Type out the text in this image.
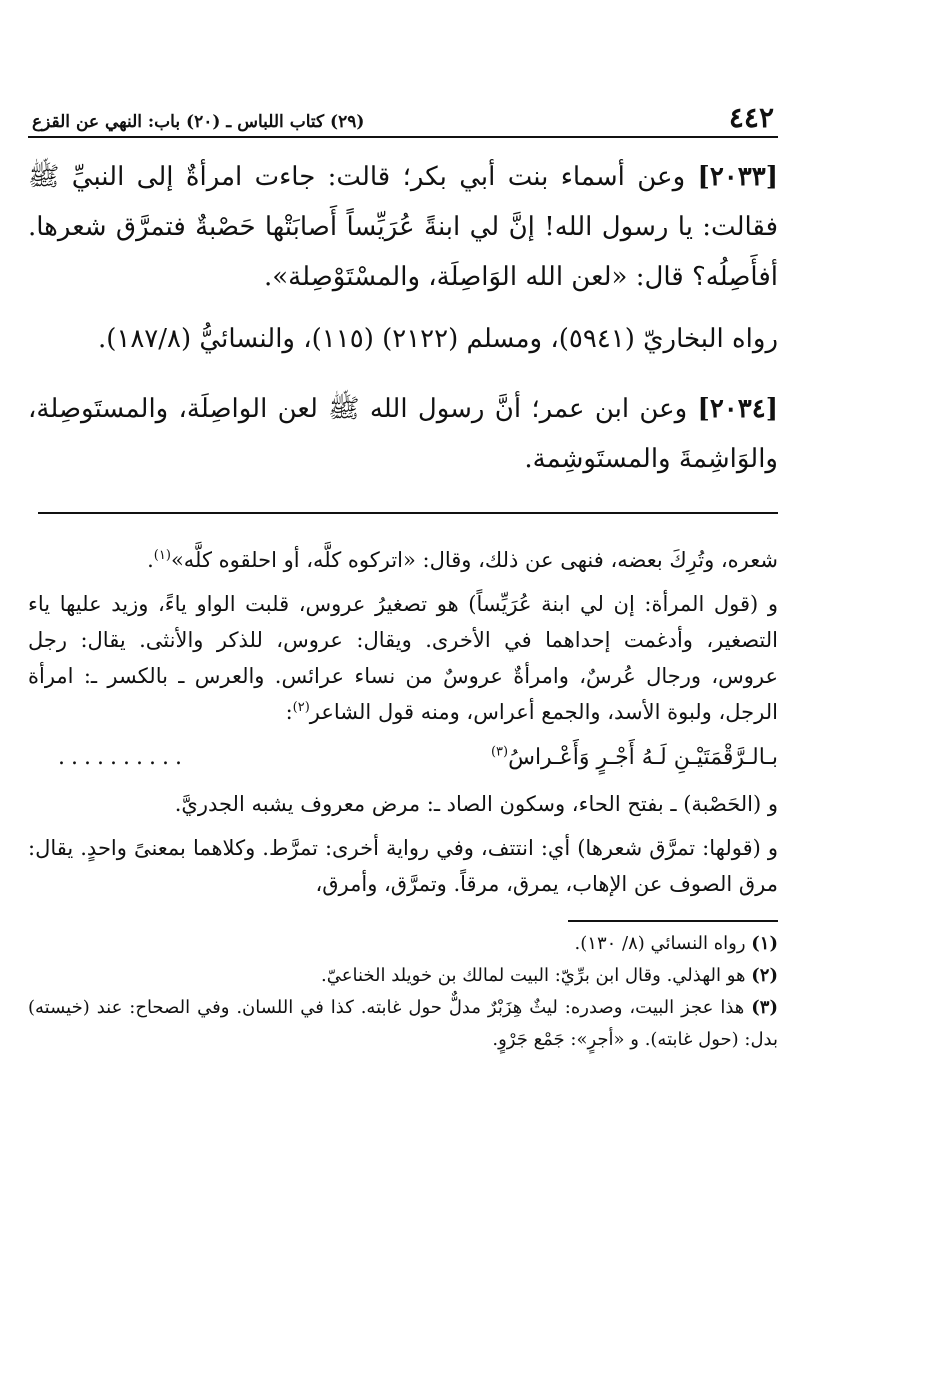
٤٤٢
(٢٩) كتاب اللباس ـ (٢٠) باب: النهي عن القزع
[٢٠٣٣] وعن أسماء بنت أبي بكر؛ قالت: جاءت امرأةٌ إلى النبيِّ ﷺ فقالت: يا رسول الله! إنَّ لي ابنةً عُرَيِّساً أَصابَتْها حَصْبةٌ فتمرَّق شعرها. أفأَصِلُه؟ قال: «لعن الله الوَاصِلَة، والمسْتَوْصِلة».
رواه البخاريّ (٥٩٤١)، ومسلم (٢١٢٢) (١١٥)، والنسائيُّ (١٨٧/٨).
[٢٠٣٤] وعن ابن عمر؛ أنَّ رسول الله ﷺ لعن الواصِلَة، والمستَوصِلة، والوَاشِمةَ والمستَوشِمة.

شعره، وتُرِكَ بعضه، فنهى عن ذلك، وقال: «اتركوه كلَّه، أو احلقوه كلَّه»$^{(١)}$.

و (قول المرأة: إن لي ابنة عُرَيِّساً) هو تصغيرُ عروس، قلبت الواو ياءً، وزيد عليها ياء التصغير، وأدغمت إحداهما في الأخرى. ويقال: عروس، للذكر والأنثى. يقال: رجل عروس، ورجال عُرسٌ، وامرأةٌ عروسٌ من نساء عرائس. والعرس ـ بالكسر ـ: امرأة الرجل، ولبوة الأسد، والجمع أعراس، ومنه قول الشاعر$^{(٢)}$:

بـالـرَّقْمَتَيْـنِ لَـهُ أَجْـرٍ وَأَعْـراسُ$^{(٣)}$
..........

و (الحَصْبة) ـ بفتح الحاء، وسكون الصاد ـ: مرض معروف يشبه الجدريَّ.

و (قولها: تمرَّق شعرها) أي: انتتف، وفي رواية أخرى: تمرَّط. وكلاهما بمعنىً واحدٍ. يقال: مرق الصوف عن الإهاب، يمرق، مرقاً. وتمرَّق، وأمرق،

(١) رواه النسائي (٨/ ١٣٠).
(٢) هو الهذلي. وقال ابن برِّيّ: البيت لمالك بن خويلد الخناعيّ.
(٣) هذا عجز البيت، وصدره: ليثٌ هِزَبْرٌ مدلٌّ حول غابته. كذا في اللسان. وفي الصحاح: عند (خيسته) بدل: (حول غابته). و «أجرٍ»: جَمْع جَرْوٍ.
